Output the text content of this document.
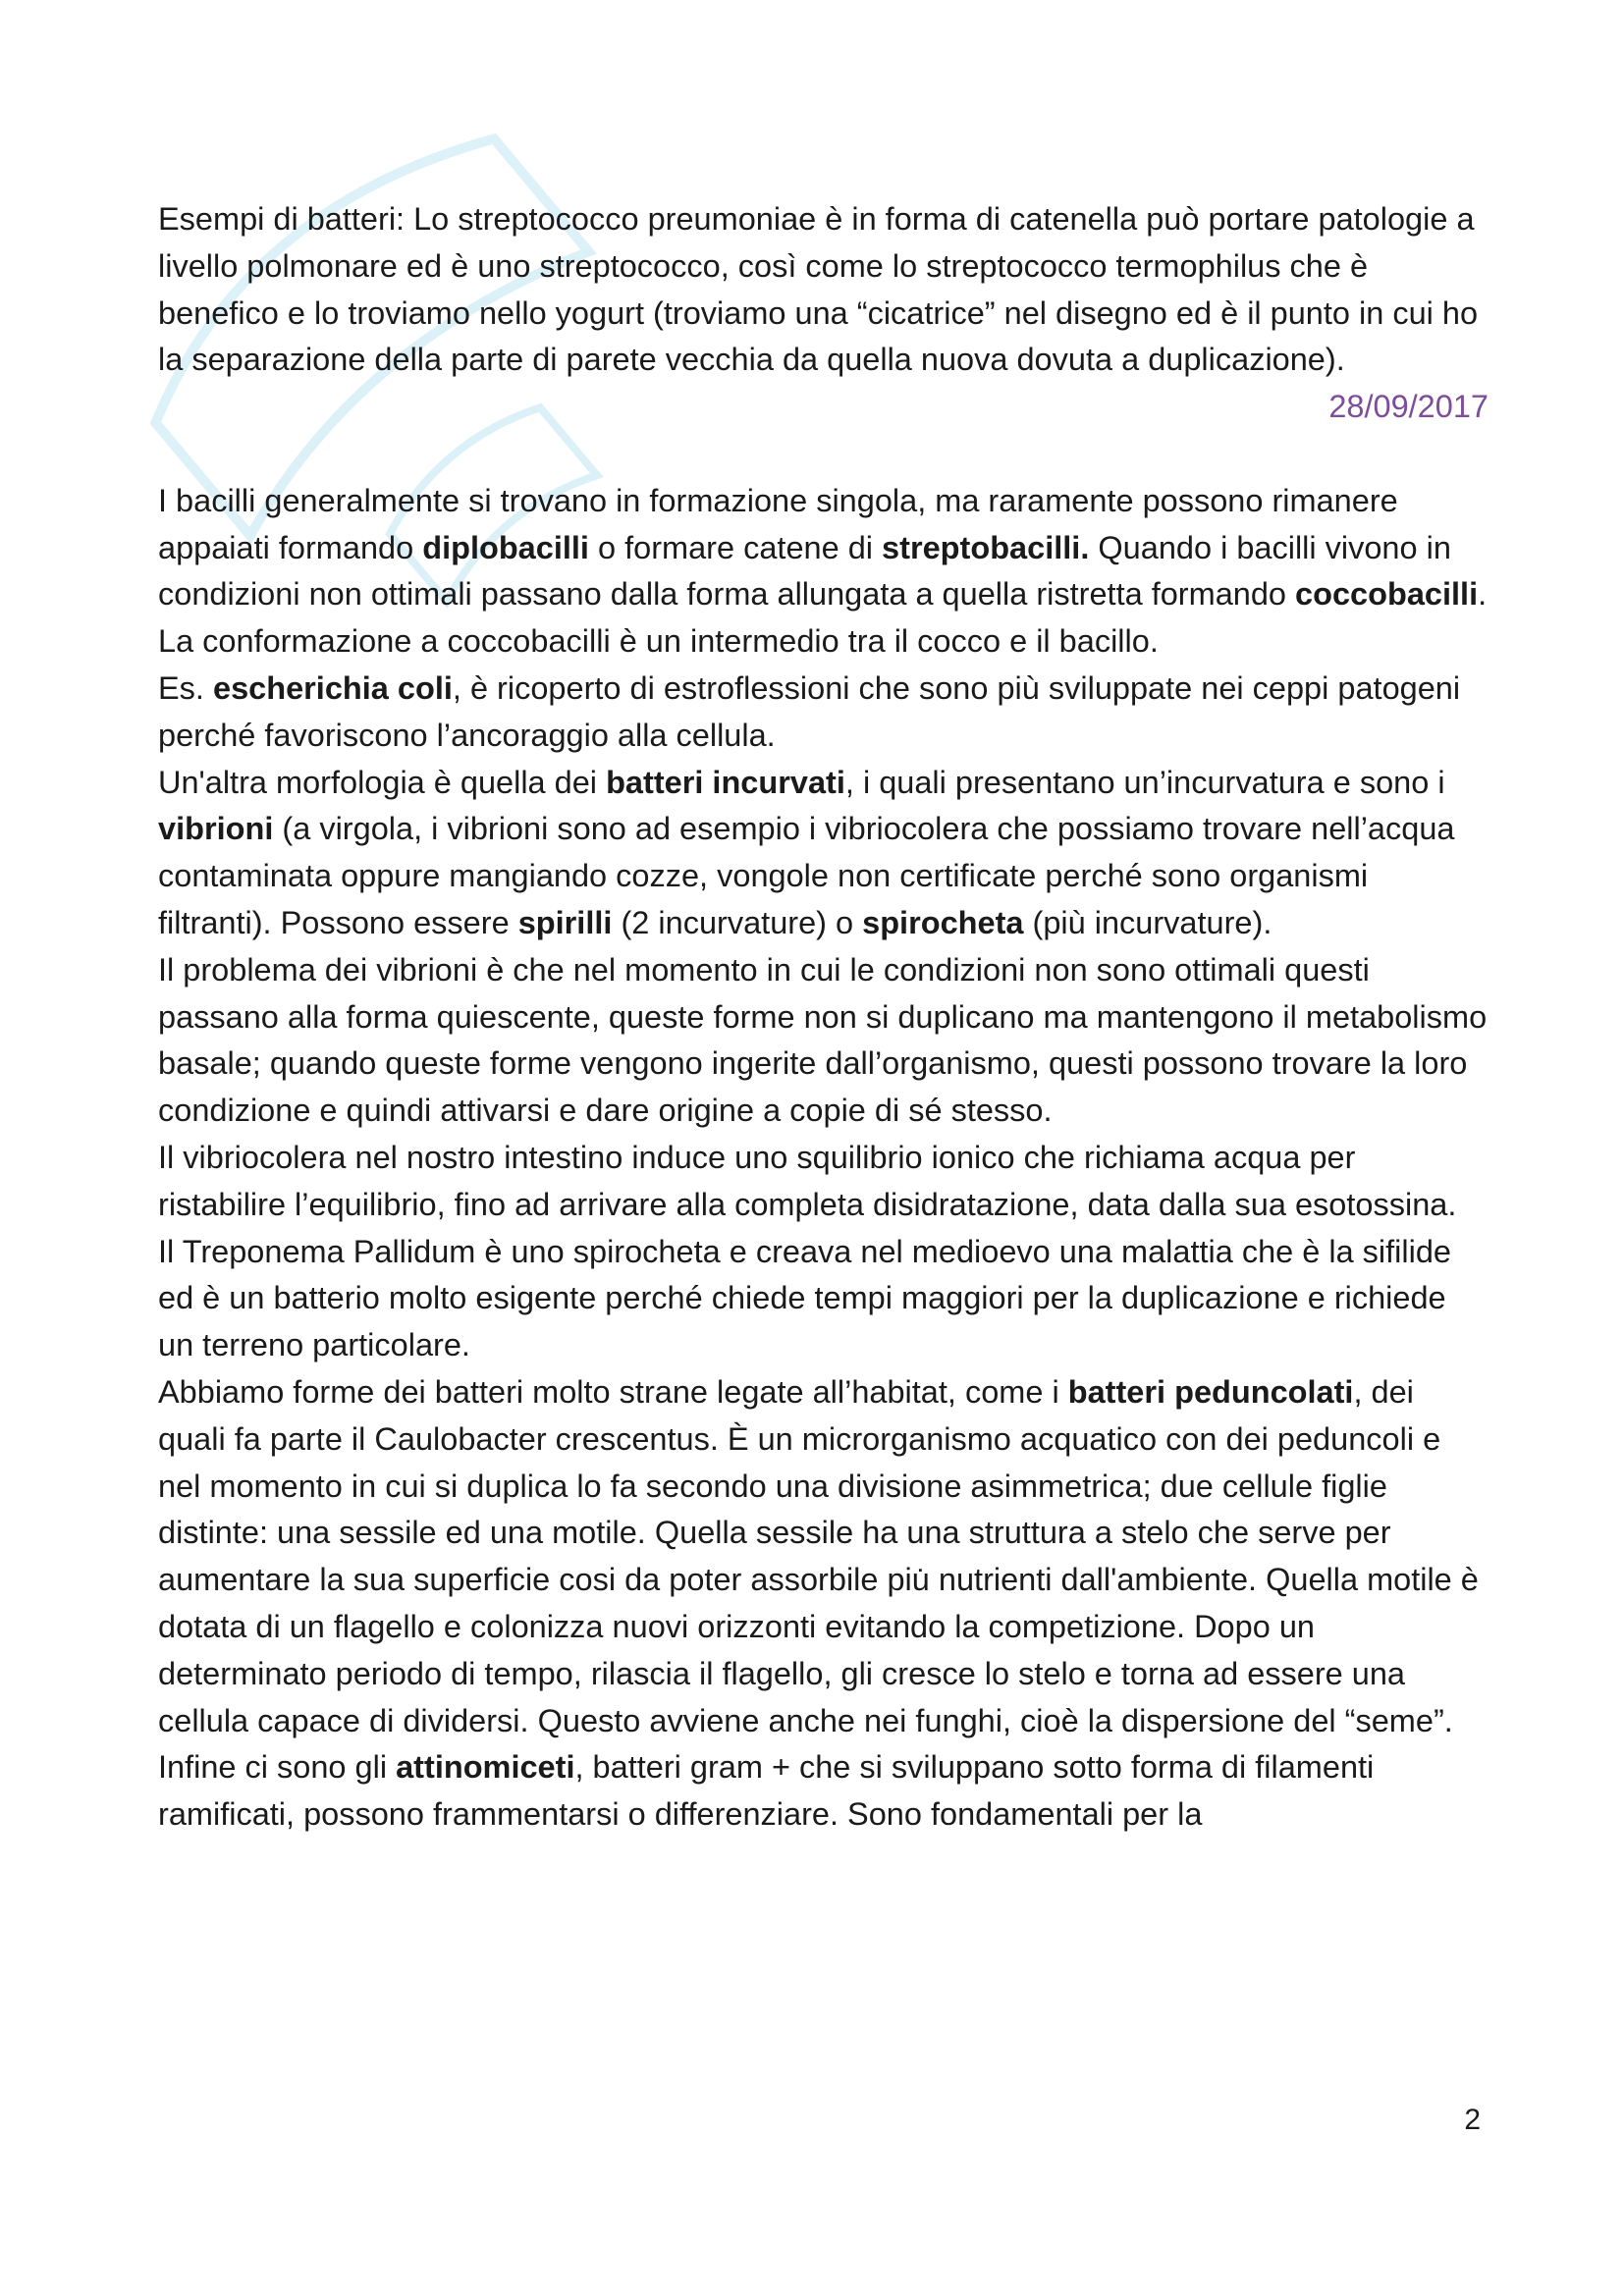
Esempi di batteri: Lo streptococco preumoniae è in forma di catenella può portare patologie a livello polmonare ed è uno streptococco, così come lo streptococco termophilus che è benefico e lo troviamo nello yogurt (troviamo una “cicatrice” nel disegno ed è il punto in cui ho la separazione della parte di parete vecchia da quella nuova dovuta a duplicazione).

28/09/2017

I bacilli generalmente si trovano in formazione singola, ma raramente possono rimanere appaiati formando diplobacilli o formare catene di streptobacilli. Quando i bacilli vivono in condizioni non ottimali passano dalla forma allungata a quella ristretta formando coccobacilli. La conformazione a coccobacilli è un intermedio tra il cocco e il bacillo.

Es. escherichia coli, è ricoperto di estroflessioni che sono più sviluppate nei ceppi patogeni perché favoriscono l’ancoraggio alla cellula.

Un'altra morfologia è quella dei batteri incurvati, i quali presentano un’incurvatura e sono i vibrioni (a virgola, i vibrioni sono ad esempio i vibriocolera che possiamo trovare nell’acqua contaminata oppure mangiando cozze, vongole non certificate perché sono organismi filtranti). Possono essere spirilli (2 incurvature) o spirocheta (più incurvature).

Il problema dei vibrioni è che nel momento in cui le condizioni non sono ottimali questi passano alla forma quiescente, queste forme non si duplicano ma mantengono il metabolismo basale; quando queste forme vengono ingerite dall’organismo, questi possono trovare la loro condizione e quindi attivarsi e dare origine a copie di sé stesso.

Il vibriocolera nel nostro intestino induce uno squilibrio ionico che richiama acqua per ristabilire l’equilibrio, fino ad arrivare alla completa disidratazione, data dalla sua esotossina.

Il Treponema Pallidum è uno spirocheta e creava nel medioevo una malattia che è la sifilide ed è un batterio molto esigente perché chiede tempi maggiori per la duplicazione e richiede un terreno particolare.

Abbiamo forme dei batteri molto strane legate all’habitat, come i batteri peduncolati, dei quali fa parte il Caulobacter crescentus. È un microrganismo acquatico con dei peduncoli e nel momento in cui si duplica lo fa secondo una divisione asimmetrica; due cellule figlie distinte: una sessile ed una motile. Quella sessile ha una struttura a stelo che serve per aumentare la sua superficie cosi da poter assorbile piu̇ nutrienti dall'ambiente. Quella motile è dotata di un flagello e colonizza nuovi orizzonti evitando la competizione. Dopo un determinato periodo di tempo, rilascia il flagello, gli cresce lo stelo e torna ad essere una cellula capace di dividersi. Questo avviene anche nei funghi, cioè la dispersione del “seme”.

Infine ci sono gli attinomiceti, batteri gram + che si sviluppano sotto forma di filamenti ramificati, possono frammentarsi o differenziare. Sono fondamentali per la

2
